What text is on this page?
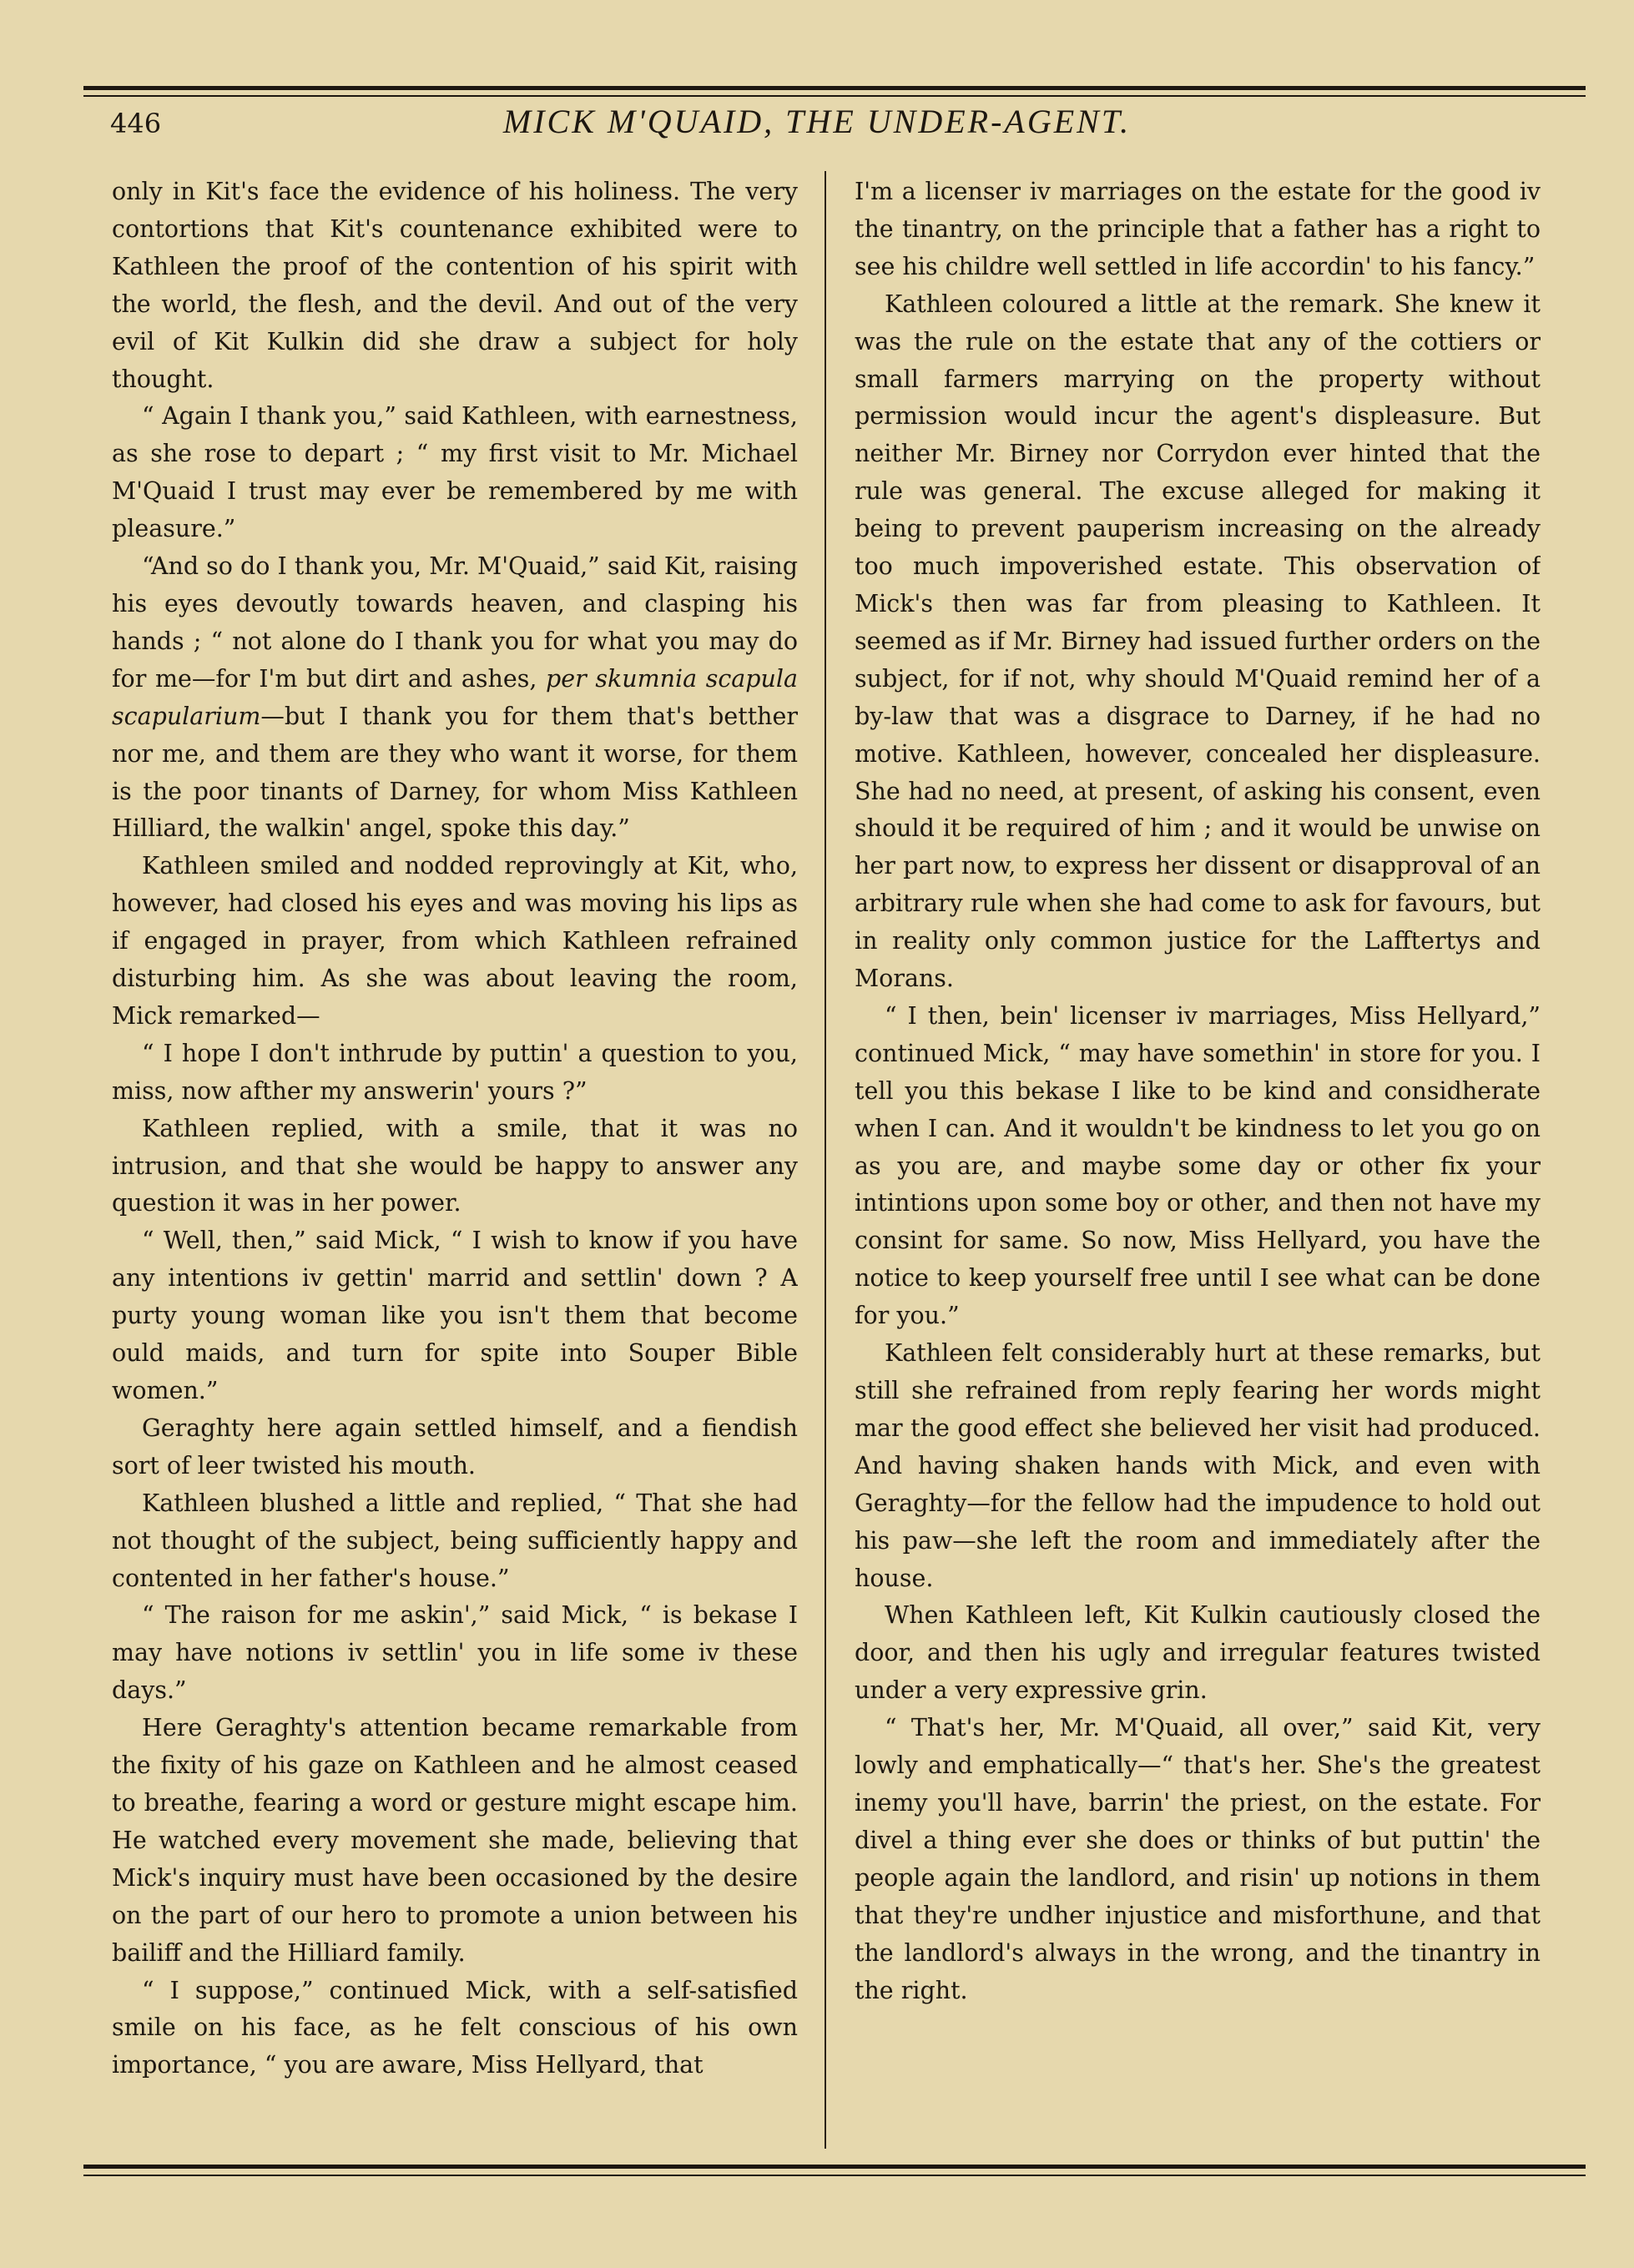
446	MICK M'QUAID, THE UNDER-AGENT.

only in Kit's face the evidence of his holiness. The very contortions that Kit's countenance exhibited were to Kathleen the proof of the contention of his spirit with the world, the flesh, and the devil. And out of the very evil of Kit Kulkin did she draw a subject for holy thought.

“ Again I thank you,” said Kathleen, with earnestness, as she rose to depart ; “ my first visit to Mr. Michael M'Quaid I trust may ever be remembered by me with pleasure.”

“And so do I thank you, Mr. M'Quaid,” said Kit, raising his eyes devoutly towards heaven, and clasping his hands ; “ not alone do I thank you for what you may do for me—for I'm but dirt and ashes, per skumnia scapula scapularium—but I thank you for them that's betther nor me, and them are they who want it worse, for them is the poor tinants of Darney, for whom Miss Kathleen Hilliard, the walkin' angel, spoke this day.”

Kathleen smiled and nodded reprovingly at Kit, who, however, had closed his eyes and was moving his lips as if engaged in prayer, from which Kathleen refrained disturbing him. As she was about leaving the room, Mick remarked—

“ I hope I don't inthrude by puttin' a question to you, miss, now afther my answerin' yours ?”

Kathleen replied, with a smile, that it was no intrusion, and that she would be happy to answer any question it was in her power.

“ Well, then,” said Mick, “ I wish to know if you have any intentions iv gettin' marrid and settlin' down ? A purty young woman like you isn't them that become ould maids, and turn for spite into Souper Bible women.”

Geraghty here again settled himself, and a fiendish sort of leer twisted his mouth.

Kathleen blushed a little and replied, “ That she had not thought of the subject, being sufficiently happy and contented in her father's house.”

“ The raison for me askin',” said Mick, “ is bekase I may have notions iv settlin' you in life some iv these days.”

Here Geraghty's attention became remarkable from the fixity of his gaze on Kathleen and he almost ceased to breathe, fearing a word or gesture might escape him. He watched every movement she made, believing that Mick's inquiry must have been occasioned by the desire on the part of our hero to promote a union between his bailiff and the Hilliard family.

“ I suppose,” continued Mick, with a self-satisfied smile on his face, as he felt conscious of his own importance, “ you are aware, Miss Hellyard, that

I'm a licenser iv marriages on the estate for the good iv the tinantry, on the principle that a father has a right to see his childre well settled in life accordin' to his fancy.”

Kathleen coloured a little at the remark. She knew it was the rule on the estate that any of the cottiers or small farmers marrying on the property without permission would incur the agent's displeasure. But neither Mr. Birney nor Corrydon ever hinted that the rule was general. The excuse alleged for making it being to prevent pauperism increasing on the already too much impoverished estate. This observation of Mick's then was far from pleasing to Kathleen. It seemed as if Mr. Birney had issued further orders on the subject, for if not, why should M'Quaid remind her of a by-law that was a disgrace to Darney, if he had no motive. Kathleen, however, concealed her displeasure. She had no need, at present, of asking his consent, even should it be required of him ; and it would be unwise on her part now, to express her dissent or disapproval of an arbitrary rule when she had come to ask for favours, but in reality only common justice for the Lafftertys and Morans.

“ I then, bein' licenser iv marriages, Miss Hellyard,” continued Mick, “ may have somethin' in store for you. I tell you this bekase I like to be kind and considherate when I can. And it wouldn't be kindness to let you go on as you are, and maybe some day or other fix your intintions upon some boy or other, and then not have my consint for same. So now, Miss Hellyard, you have the notice to keep yourself free until I see what can be done for you.”

Kathleen felt considerably hurt at these remarks, but still she refrained from reply fearing her words might mar the good effect she believed her visit had produced. And having shaken hands with Mick, and even with Geraghty—for the fellow had the impudence to hold out his paw—she left the room and immediately after the house.

When Kathleen left, Kit Kulkin cautiously closed the door, and then his ugly and irregular features twisted under a very expressive grin.

“ That's her, Mr. M'Quaid, all over,” said Kit, very lowly and emphatically—“ that's her. She's the greatest inemy you'll have, barrin' the priest, on the estate. For divel a thing ever she does or thinks of but puttin' the people again the landlord, and risin' up notions in them that they're undher injustice and misforthune, and that the landlord's always in the wrong, and the tinantry in the right.
